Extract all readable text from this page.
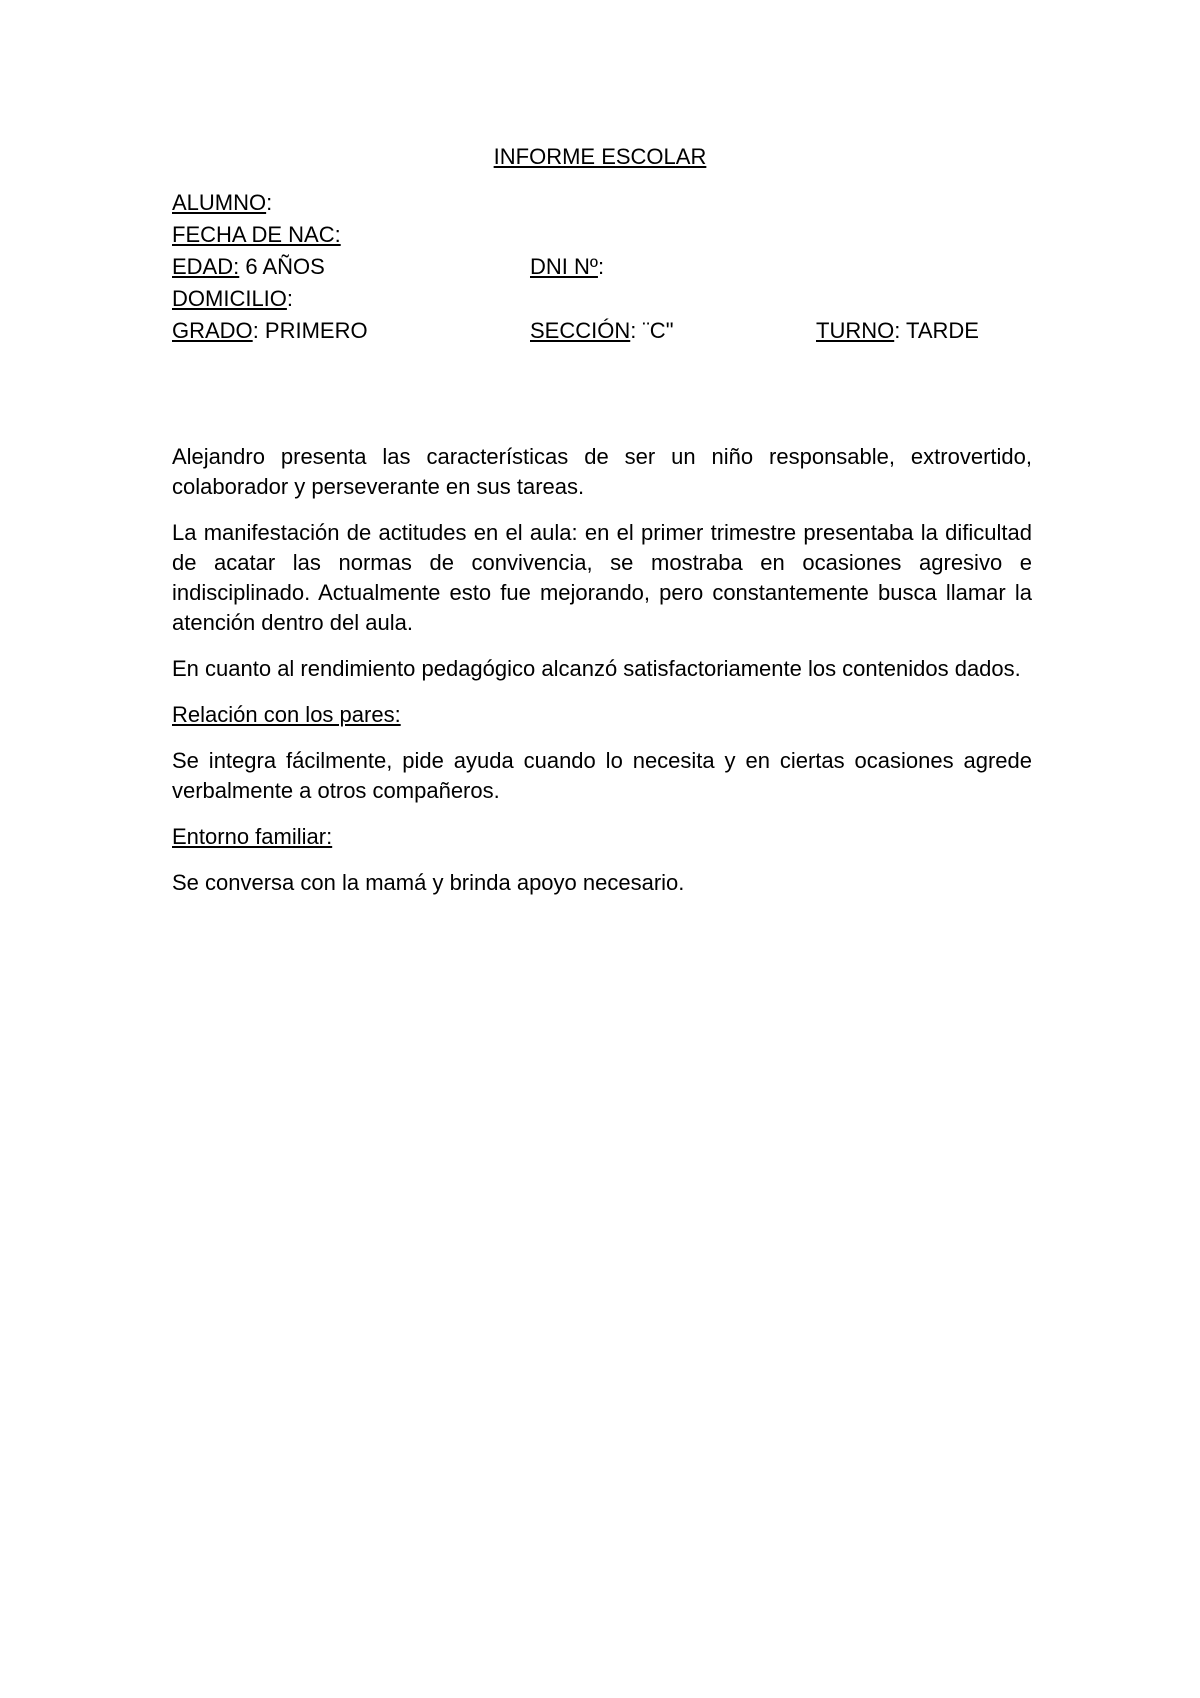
INFORME ESCOLAR
ALUMNO:
FECHA DE NAC:
EDAD: 6 AÑOS	DNI Nº:
DOMICILIO:
GRADO: PRIMERO	SECCIÓN: ¨C"	TURNO: TARDE

Alejandro presenta las características de ser un niño responsable, extrovertido, colaborador y perseverante en sus tareas.

La manifestación de actitudes en el aula: en el primer trimestre presentaba la dificultad de acatar las normas de convivencia, se mostraba en ocasiones agresivo e indisciplinado. Actualmente esto fue mejorando, pero constantemente busca llamar la atención dentro del aula.

En cuanto al rendimiento pedagógico alcanzó satisfactoriamente los contenidos dados.

Relación con los pares:

Se integra fácilmente, pide ayuda cuando lo necesita y en ciertas ocasiones agrede verbalmente a otros compañeros.

Entorno familiar:

Se conversa con la mamá y brinda apoyo necesario.
